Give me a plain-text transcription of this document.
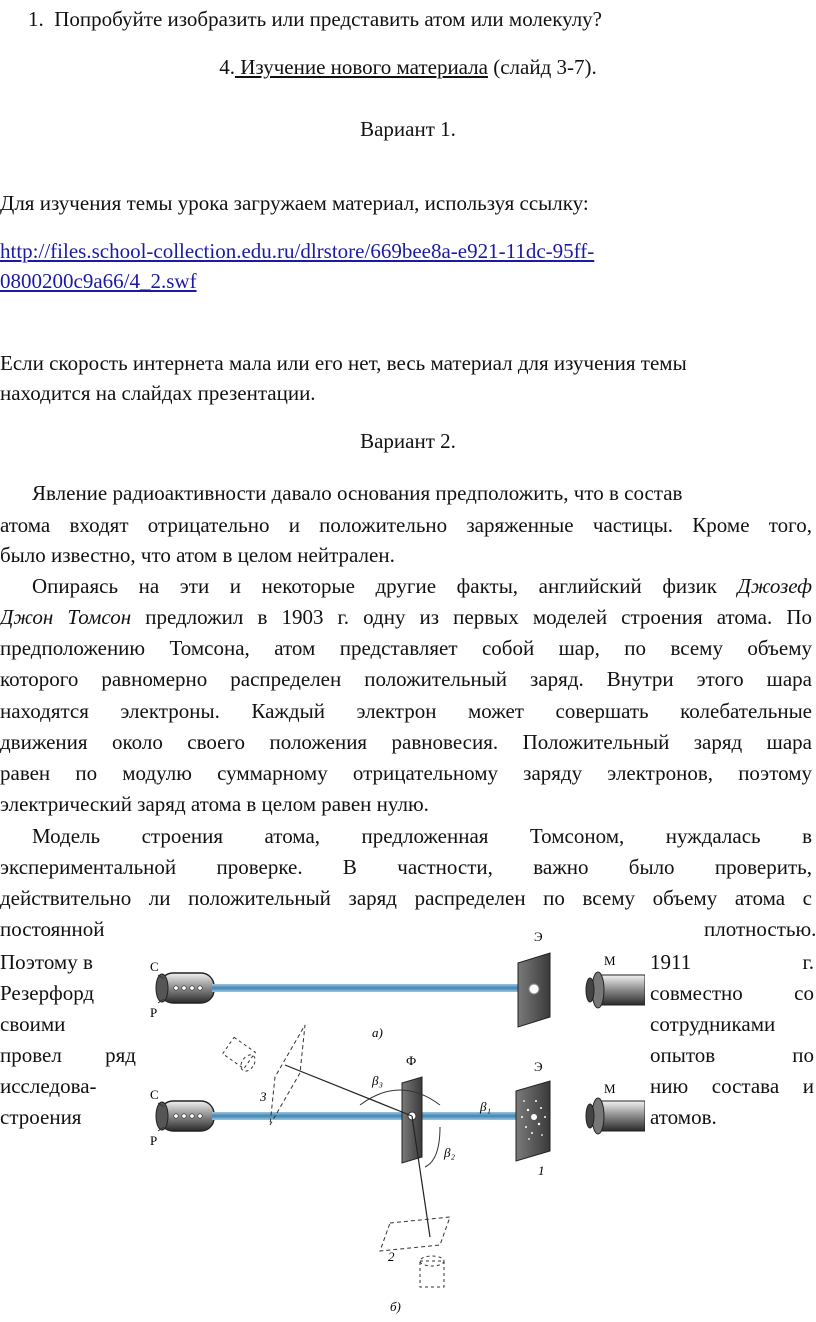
1. Попробуйте изобразить или представить атом или молекулу?
4. Изучение нового материала (слайд 3-7).
Вариант 1.
Для изучения темы урока загружаем материал, используя ссылку:
http://files.school-collection.edu.ru/dlrstore/669bee8a-e921-11dc-95ff-
0800200c9a66/4_2.swf
Если скорость интернета мала или его нет, весь материал для изучения темы
находится на слайдах презентации.
Вариант 2.
Явление радиоактивности давало основания предположить, что в состав
атома входят отрицательно и положительно заряженные частицы. Кроме того,
было известно, что атом в целом нейтрален.
Опираясь на эти и некоторые другие факты, английский физик Джозеф
Джон Томсон предложил в 1903 г. одну из первых моделей строения атома. По
предположению Томсона, атом представляет собой шар, по всему объему
которого равномерно распределен положительный заряд. Внутри этого шара
находятся электроны. Каждый электрон может совершать колебательные
движения около своего положения равновесия. Положительный заряд шара
равен по модулю суммарному отрицательному заряду электронов, поэтому
электрический заряд атома в целом равен нулю.
Модель строения атома, предложенная Томсоном, нуждалась в
экспериментальной проверке. В частности, важно было проверить,
действительно ли положительный заряд распределен по всему объему атома с
постоянной	плотностью.
Поэтому в
Резерфорд
своими
провел ряд
исследова-
строения
1911 г.
совместно со
сотрудниками
опытов по
нию состава и
атомов.
С
Р
Э
М
а)
С
Р
Э
М
Ф
β₁
β₂
β₃
1
2
3
б)
